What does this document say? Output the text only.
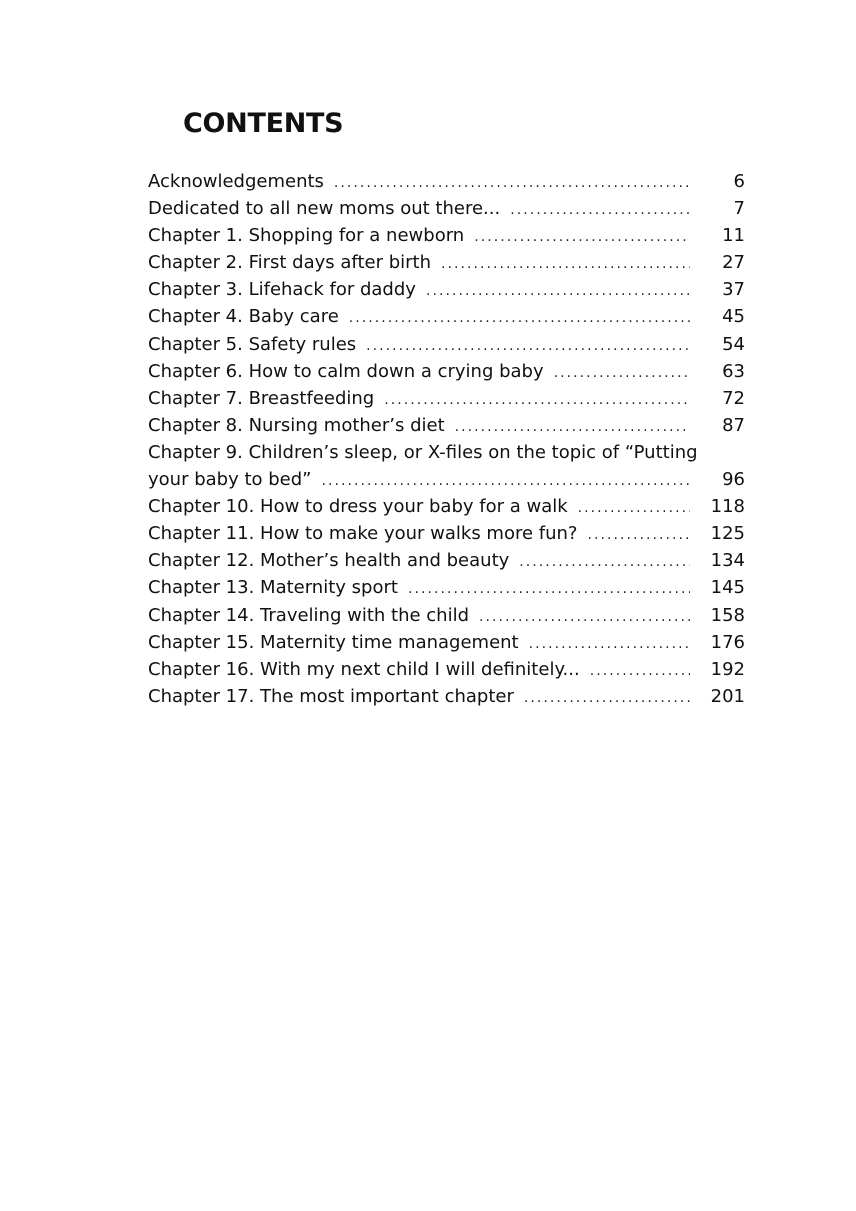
CONTENTS
Acknowledgements . . .	6
Dedicated to all new moms out there... . . .	7
Chapter 1. Shopping for a newborn . . .	11
Chapter 2. First days after birth . . .	27
Chapter 3. Lifehack for daddy . . .	37
Chapter 4. Baby care . . .	45
Chapter 5. Safety rules . . .	54
Chapter 6. How to calm down a crying baby . . .	63
Chapter 7. Breastfeeding . . .	72
Chapter 8. Nursing mother’s diet . . .	87
Chapter 9. Children’s sleep, or X-files on the topic of “Putting
your baby to bed” . . .	96
Chapter 10. How to dress your baby for a walk . . .	118
Chapter 11. How to make your walks more fun? . . .	125
Chapter 12. Mother’s health and beauty . . .	134
Chapter 13. Maternity sport . . .	145
Chapter 14. Traveling with the child . . .	158
Chapter 15. Maternity time management . . .	176
Chapter 16. With my next child I will definitely... . . .	192
Chapter 17. The most important chapter . . .	201
